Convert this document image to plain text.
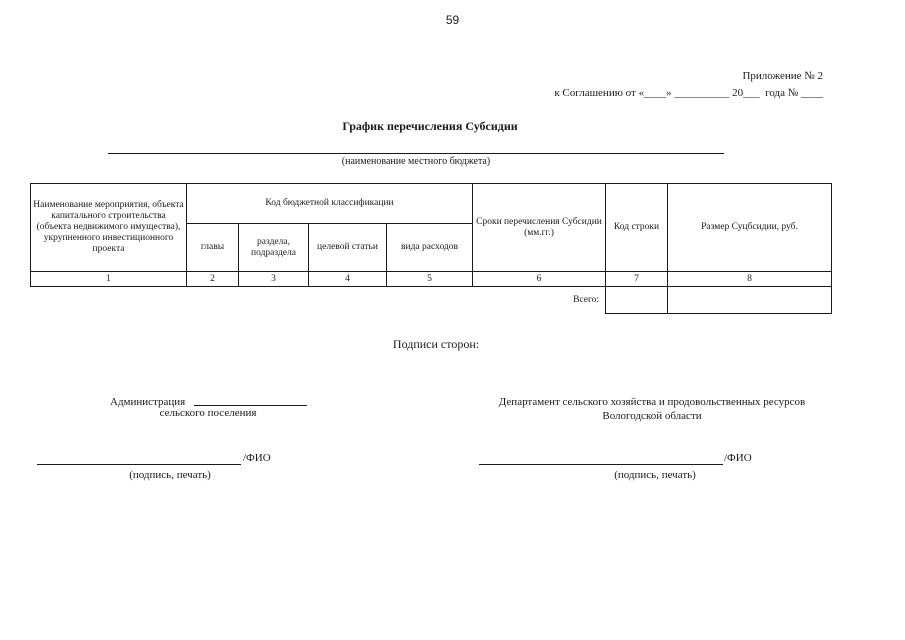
59
Приложение № 2
к Соглашению от «____» __________ 20___  года № ____
График перечисления Субсидии
(наименование местного бюджета)
Наименование мероприятия, объекта капитального строительства (объекта недвижимого имущества), укрупненного инвестиционного проекта	Код бюджетной классификации				Сроки перечисления Субсидии (мм.гг.)	Код строки	Размер Суцбсидии, руб.
	главы	раздела, подраздела	целевой статьи	вида расходов			
1	2	3	4	5	6	7	8
					Всего:		
Подписи сторон:
Администрация
сельского поселения
Департамент сельского хозяйства и продовольственных ресурсов Вологодской области
/ФИО
(подпись, печать)
/ФИО
(подпись, печать)
